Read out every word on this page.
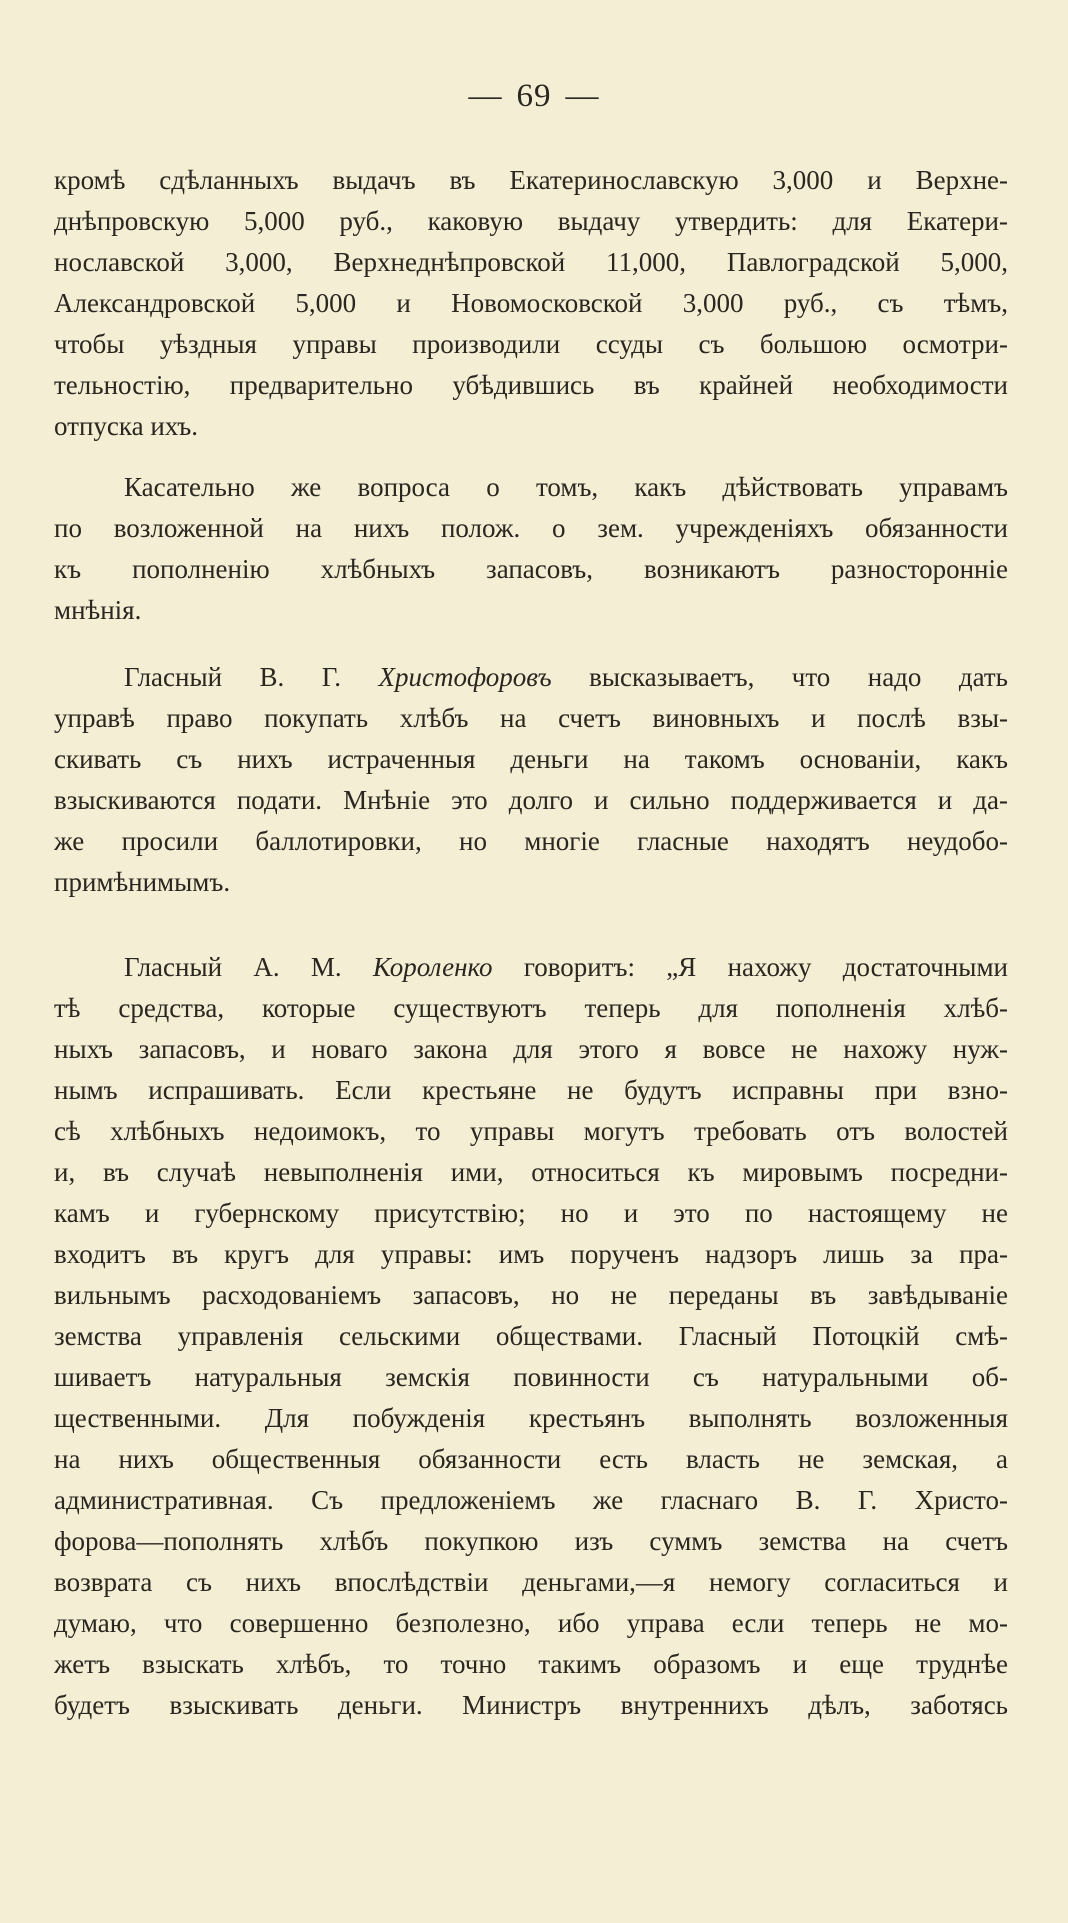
— 69 —
кромѣ сдѣланныхъ выдачъ въ Екатеринославскую 3,000 и Верхне-
днѣпровскую 5,000 руб., каковую выдачу утвердить: для Екатери-
нославской 3,000, Верхнеднѣпровской 11,000, Павлоградской 5,000,
Александровской 5,000 и Новомосковской 3,000 руб., съ тѣмъ,
чтобы уѣздныя управы производили ссуды съ большою осмотри-
тельностію, предварительно убѣдившись въ крайней необходимости
отпуска ихъ.
Касательно же вопроса о томъ, какъ дѣйствовать управамъ
по возложенной на нихъ полож. о зем. учрежденіяхъ обязанности
къ пополненію хлѣбныхъ запасовъ, возникаютъ разносторонніе
мнѣнія.
Гласный В. Г. Христофоровъ высказываетъ, что надо дать
управѣ право покупать хлѣбъ на счетъ виновныхъ и послѣ взы-
скивать съ нихъ истраченныя деньги на такомъ основаніи, какъ
взыскиваются подати. Мнѣніе это долго и сильно поддерживается и да-
же просили баллотировки, но многіе гласные находятъ неудобо-
примѣнимымъ.
Гласный А. М. Короленко говоритъ: „Я нахожу достаточными
тѣ средства, которые существуютъ теперь для пополненія хлѣб-
ныхъ запасовъ, и новаго закона для этого я вовсе не нахожу нуж-
нымъ испрашивать. Если крестьяне не будутъ исправны при взно-
сѣ хлѣбныхъ недоимокъ, то управы могутъ требовать отъ волостей
и, въ случаѣ невыполненія ими, относиться къ мировымъ посредни-
камъ и губернскому присутствію; но и это по настоящему не
входитъ въ кругъ для управы: имъ порученъ надзоръ лишь за пра-
вильнымъ расходованіемъ запасовъ, но не переданы въ завѣдываніе
земства управленія сельскими обществами. Гласный Потоцкій смѣ-
шиваетъ натуральныя земскія повинности съ натуральными об-
щественными. Для побужденія крестьянъ выполнять возложенныя
на нихъ общественныя обязанности есть власть не земская, а
административная. Съ предложеніемъ же гласнаго В. Г. Христо-
форова—пополнять хлѣбъ покупкою изъ суммъ земства на счетъ
возврата съ нихъ впослѣдствіи деньгами,—я немогу согласиться и
думаю, что совершенно безполезно, ибо управа если теперь не мо-
жетъ взыскать хлѣбъ, то точно такимъ образомъ и еще труднѣе
будетъ взыскивать деньги. Министръ внутреннихъ дѣлъ, заботясь
